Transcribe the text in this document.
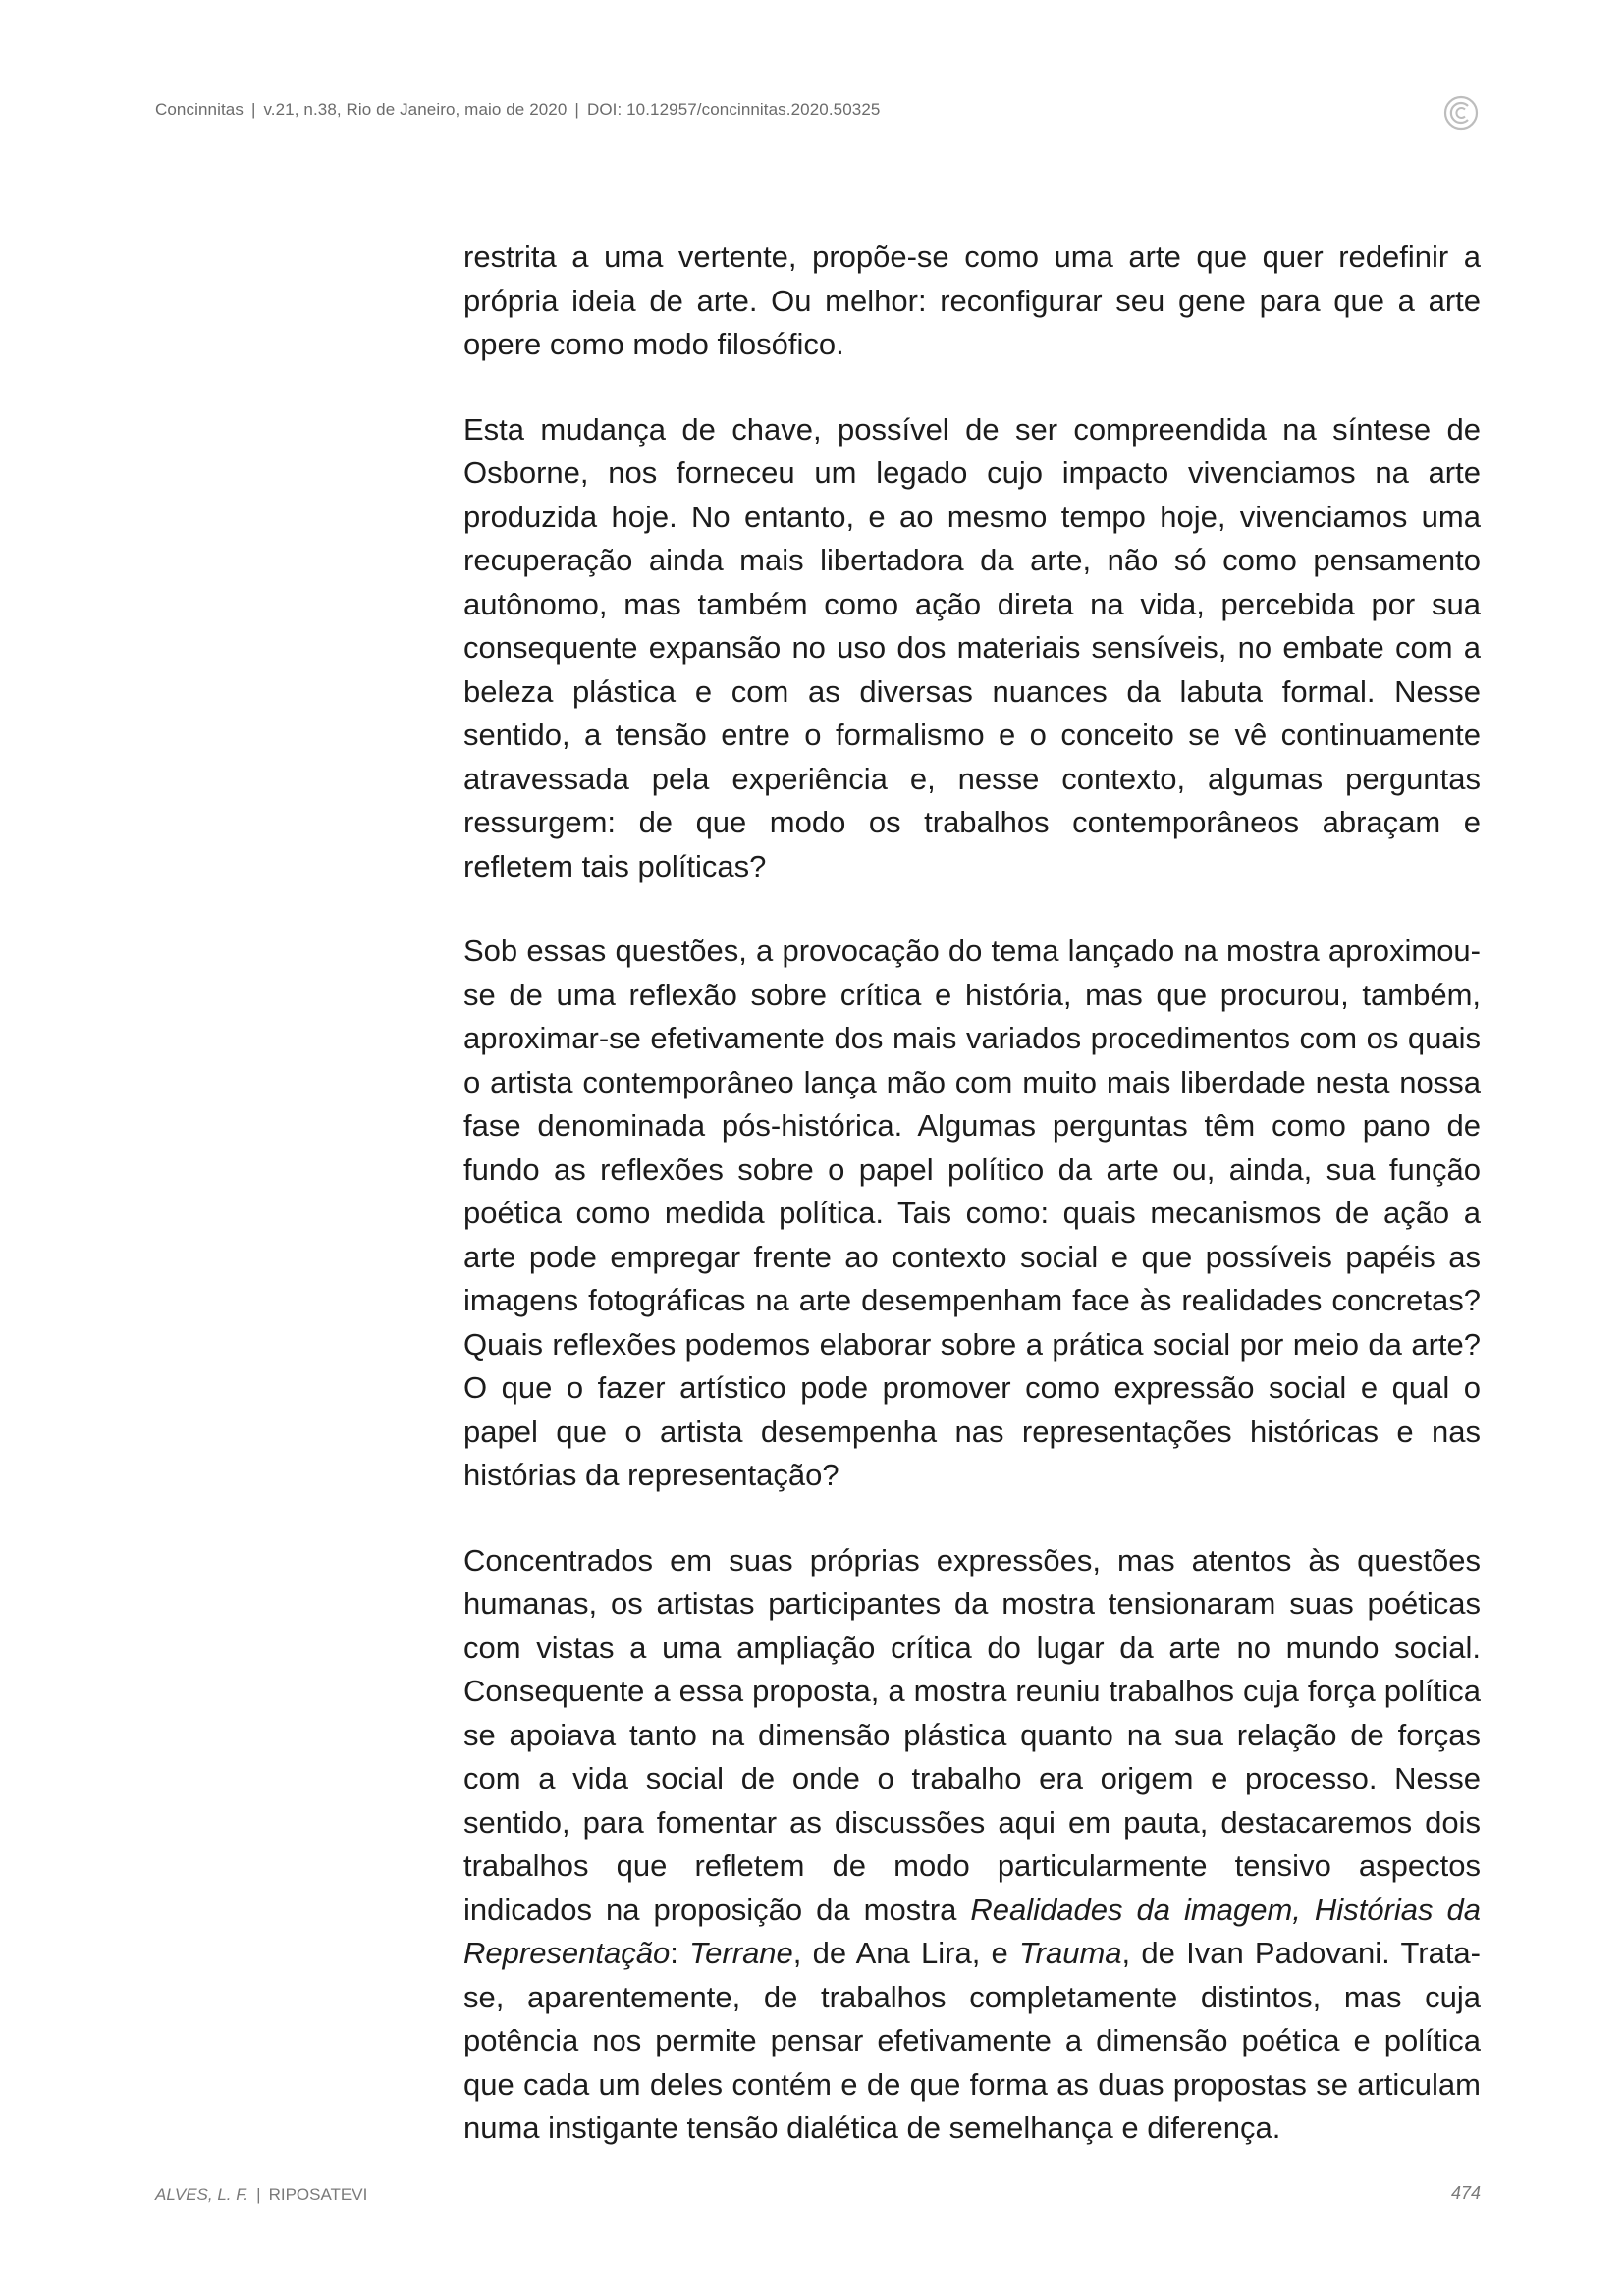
Concinnitas | v.21, n.38, Rio de Janeiro, maio de 2020 | DOI: 10.12957/concinnitas.2020.50325

restrita a uma vertente, propõe-se como uma arte que quer redefinir a própria ideia de arte. Ou melhor: reconfigurar seu gene para que a arte opere como modo filosófico.

Esta mudança de chave, possível de ser compreendida na síntese de Osborne, nos forneceu um legado cujo impacto vivenciamos na arte produzida hoje. No entanto, e ao mesmo tempo hoje, vivenciamos uma recuperação ainda mais libertadora da arte, não só como pensamento autônomo, mas também como ação direta na vida, percebida por sua consequente expansão no uso dos materiais sensíveis, no embate com a beleza plástica e com as diversas nuances da labuta formal. Nesse sentido, a tensão entre o formalismo e o conceito se vê continuamente atravessada pela experiência e, nesse contexto, algumas perguntas ressurgem: de que modo os trabalhos contemporâneos abraçam e refletem tais políticas?

Sob essas questões, a provocação do tema lançado na mostra aproximou-se de uma reflexão sobre crítica e história, mas que procurou, também, aproximar-se efetivamente dos mais variados procedimentos com os quais o artista contemporâneo lança mão com muito mais liberdade nesta nossa fase denominada pós-histórica. Algumas perguntas têm como pano de fundo as reflexões sobre o papel político da arte ou, ainda, sua função poética como medida política. Tais como: quais mecanismos de ação a arte pode empregar frente ao contexto social e que possíveis papéis as imagens fotográficas na arte desempenham face às realidades concretas? Quais reflexões podemos elaborar sobre a prática social por meio da arte? O que o fazer artístico pode promover como expressão social e qual o papel que o artista desempenha nas representações históricas e nas histórias da representação?

Concentrados em suas próprias expressões, mas atentos às questões humanas, os artistas participantes da mostra tensionaram suas poéticas com vistas a uma ampliação crítica do lugar da arte no mundo social. Consequente a essa proposta, a mostra reuniu trabalhos cuja força política se apoiava tanto na dimensão plástica quanto na sua relação de forças com a vida social de onde o trabalho era origem e processo. Nesse sentido, para fomentar as discussões aqui em pauta, destacaremos dois trabalhos que refletem de modo particularmente tensivo aspectos indicados na proposição da mostra Realidades da imagem, Histórias da Representação: Terrane, de Ana Lira, e Trauma, de Ivan Padovani. Trata-se, aparentemente, de trabalhos completamente distintos, mas cuja potência nos permite pensar efetivamente a dimensão poética e política que cada um deles contém e de que forma as duas propostas se articulam numa instigante tensão dialética de semelhança e diferença.

ALVES, L. F. | RIPOSATEVI	474
